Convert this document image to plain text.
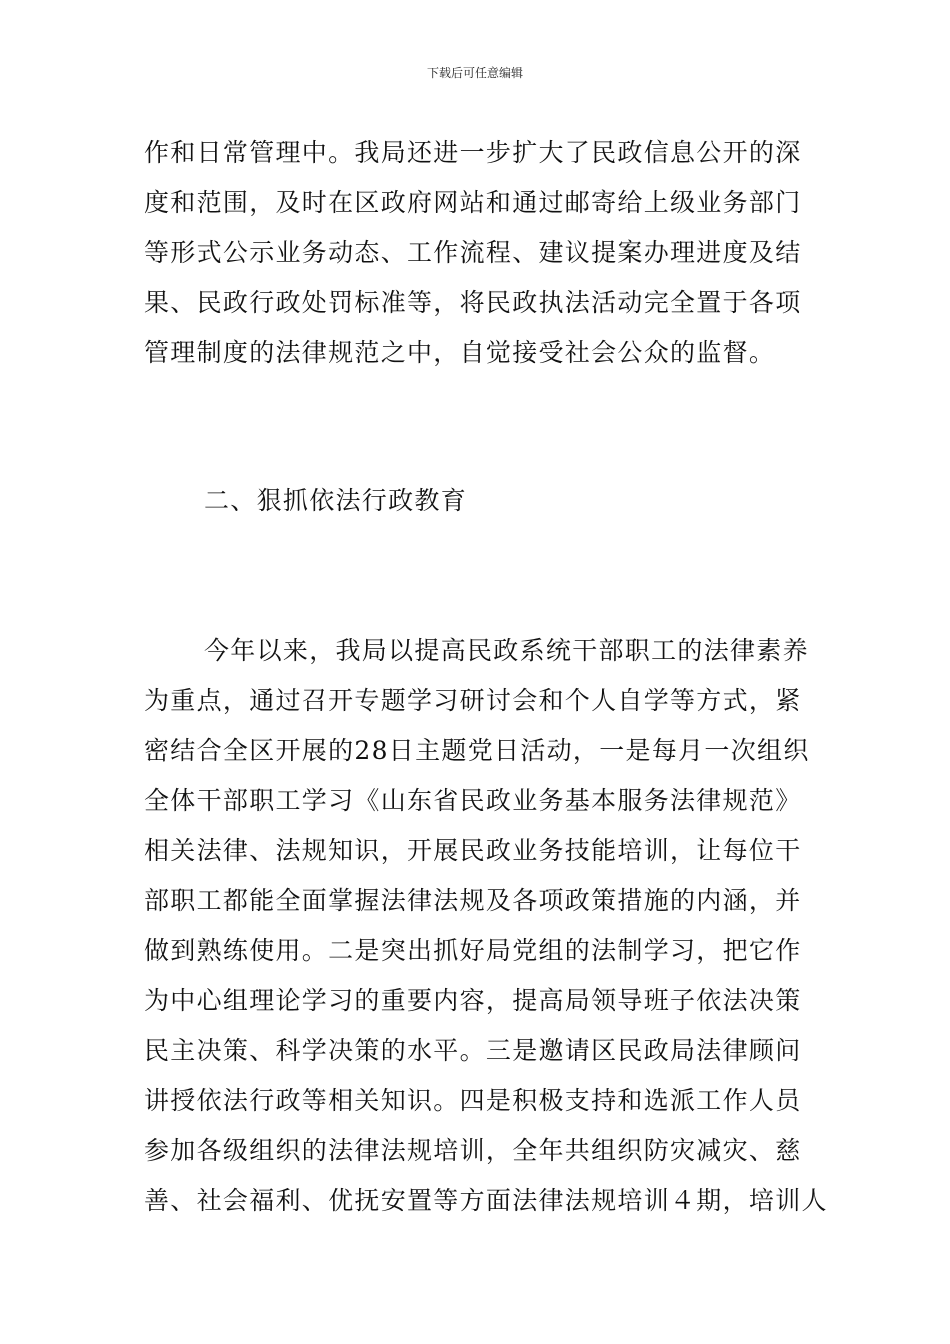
下载后可任意编辑
作和日常管理中。我局还进一步扩大了民政信息公开的深
度和范围，及时在区政府网站和通过邮寄给上级业务部门
等形式公示业务动态、工作流程、建议提案办理进度及结
果、民政行政处罚标准等，将民政执法活动完全置于各项
管理制度的法律规范之中，自觉接受社会公众的监督。
二、狠抓依法行政教育
今年以来，我局以提高民政系统干部职工的法律素养
为重点，通过召开专题学习研讨会和个人自学等方式，紧
密结合全区开展的28日主题党日活动，一是每月一次组织
全体干部职工学习《山东省民政业务基本服务法律规范》
相关法律、法规知识，开展民政业务技能培训，让每位干
部职工都能全面掌握法律法规及各项政策措施的内涵，并
做到熟练使用。二是突出抓好局党组的法制学习，把它作
为中心组理论学习的重要内容，提高局领导班子依法决策
民主决策、科学决策的水平。三是邀请区民政局法律顾问
讲授依法行政等相关知识。四是积极支持和选派工作人员
参加各级组织的法律法规培训，全年共组织防灾减灾、慈
善、社会福利、优抚安置等方面法律法规培训４期，培训人
